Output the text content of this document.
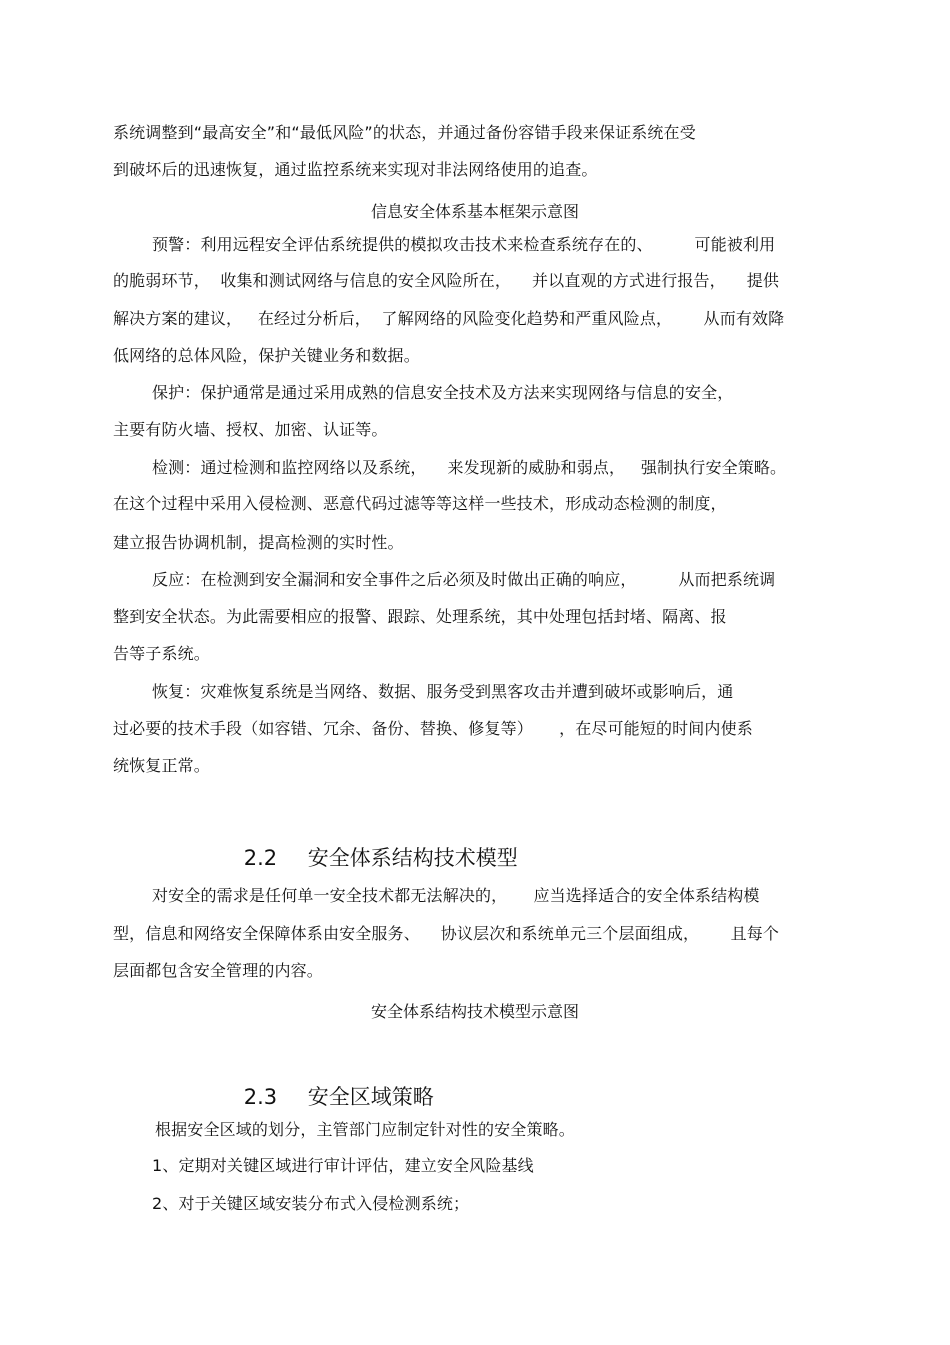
系统调整到“最高安全”和“最低风险”的状态，并通过备份容错手段来保证系统在受
到破坏后的迅速恢复，通过监控系统来实现对非法网络使用的追查。
信息安全体系基本框架示意图
预警：利用远程安全评估系统提供的模拟攻击技术来检查系统存在的、        可能被利用
的脆弱环节，  收集和测试网络与信息的安全风险所在，    并以直观的方式进行报告，    提供
解决方案的建议，   在经过分析后，  了解网络的风险变化趋势和严重风险点，      从而有效降
低网络的总体风险，保护关键业务和数据。
保护：保护通常是通过采用成熟的信息安全技术及方法来实现网络与信息的安全，
主要有防火墙、授权、加密、认证等。
检测：通过检测和监控网络以及系统，    来发现新的威胁和弱点，   强制执行安全策略。
在这个过程中采用入侵检测、恶意代码过滤等等这样一些技术，形成动态检测的制度，
建立报告协调机制，提高检测的实时性。
反应：在检测到安全漏洞和安全事件之后必须及时做出正确的响应，        从而把系统调
整到安全状态。为此需要相应的报警、跟踪、处理系统，其中处理包括封堵、隔离、报
告等子系统。
恢复：灾难恢复系统是当网络、数据、服务受到黑客攻击并遭到破坏或影响后，通
过必要的技术手段（如容错、冗余、备份、替换、修复等）     ，在尽可能短的时间内使系
统恢复正常。

2.2 安全体系结构技术模型

对安全的需求是任何单一安全技术都无法解决的，     应当选择适合的安全体系结构模
型，信息和网络安全保障体系由安全服务、    协议层次和系统单元三个层面组成，      且每个
层面都包含安全管理的内容。
安全体系结构技术模型示意图

2.3 安全区域策略

根据安全区域的划分，主管部门应制定针对性的安全策略。
1、定期对关键区域进行审计评估，建立安全风险基线
2、对于关键区域安装分布式入侵检测系统；
